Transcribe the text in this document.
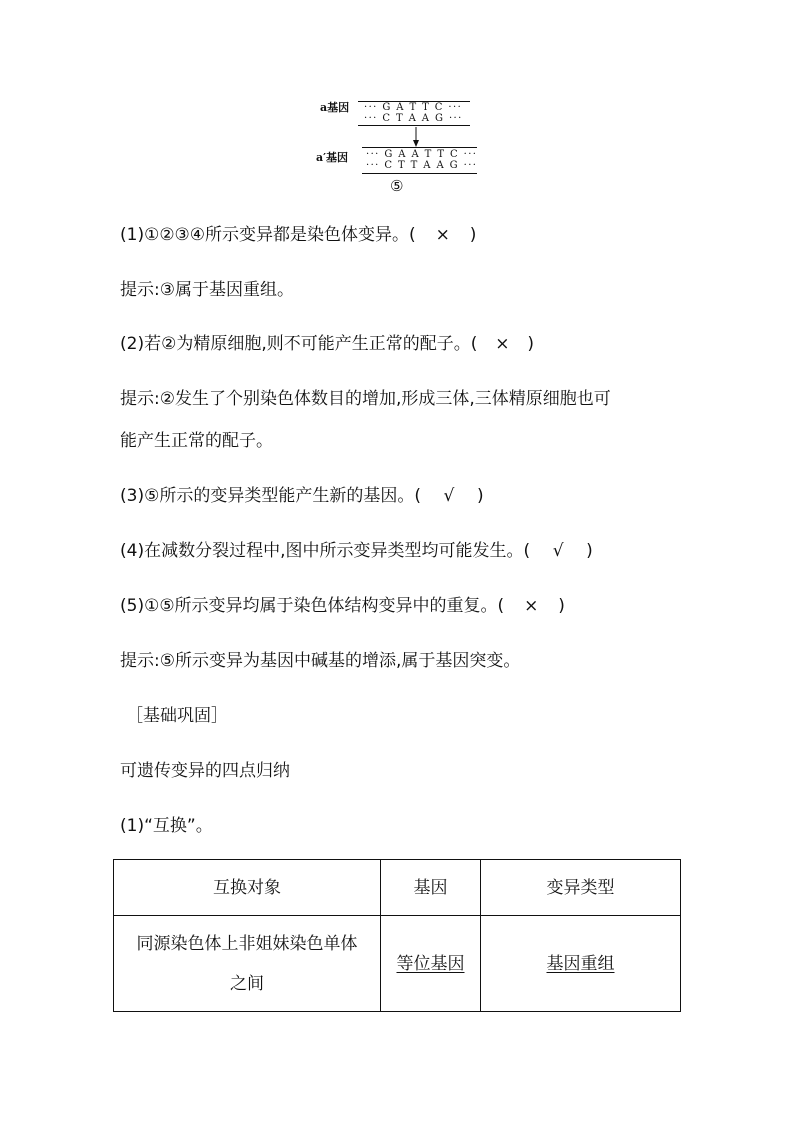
a基因 ··· G A T T C ···
··· C T A A G ···
a′基因 ··· G A A T T C ···
··· C T T A A G ···
⑤
(1)①②③④所示变异都是染色体变异。( × )
提示:③属于基因重组。
(2)若②为精原细胞,则不可能产生正常的配子。( × )
提示:②发生了个别染色体数目的增加,形成三体,三体精原细胞也可
能产生正常的配子。
(3)⑤所示的变异类型能产生新的基因。( √ )
(4)在减数分裂过程中,图中所示变异类型均可能发生。( √ )
(5)①⑤所示变异均属于染色体结构变异中的重复。( × )
提示:⑤所示变异为基因中碱基的增添,属于基因突变。
［基础巩固］
可遗传变异的四点归纳
(1)“互换”。
互换对象	基因	变异类型

同源染色体上非姐妹染色单体
之间	等位基因	基因重组
